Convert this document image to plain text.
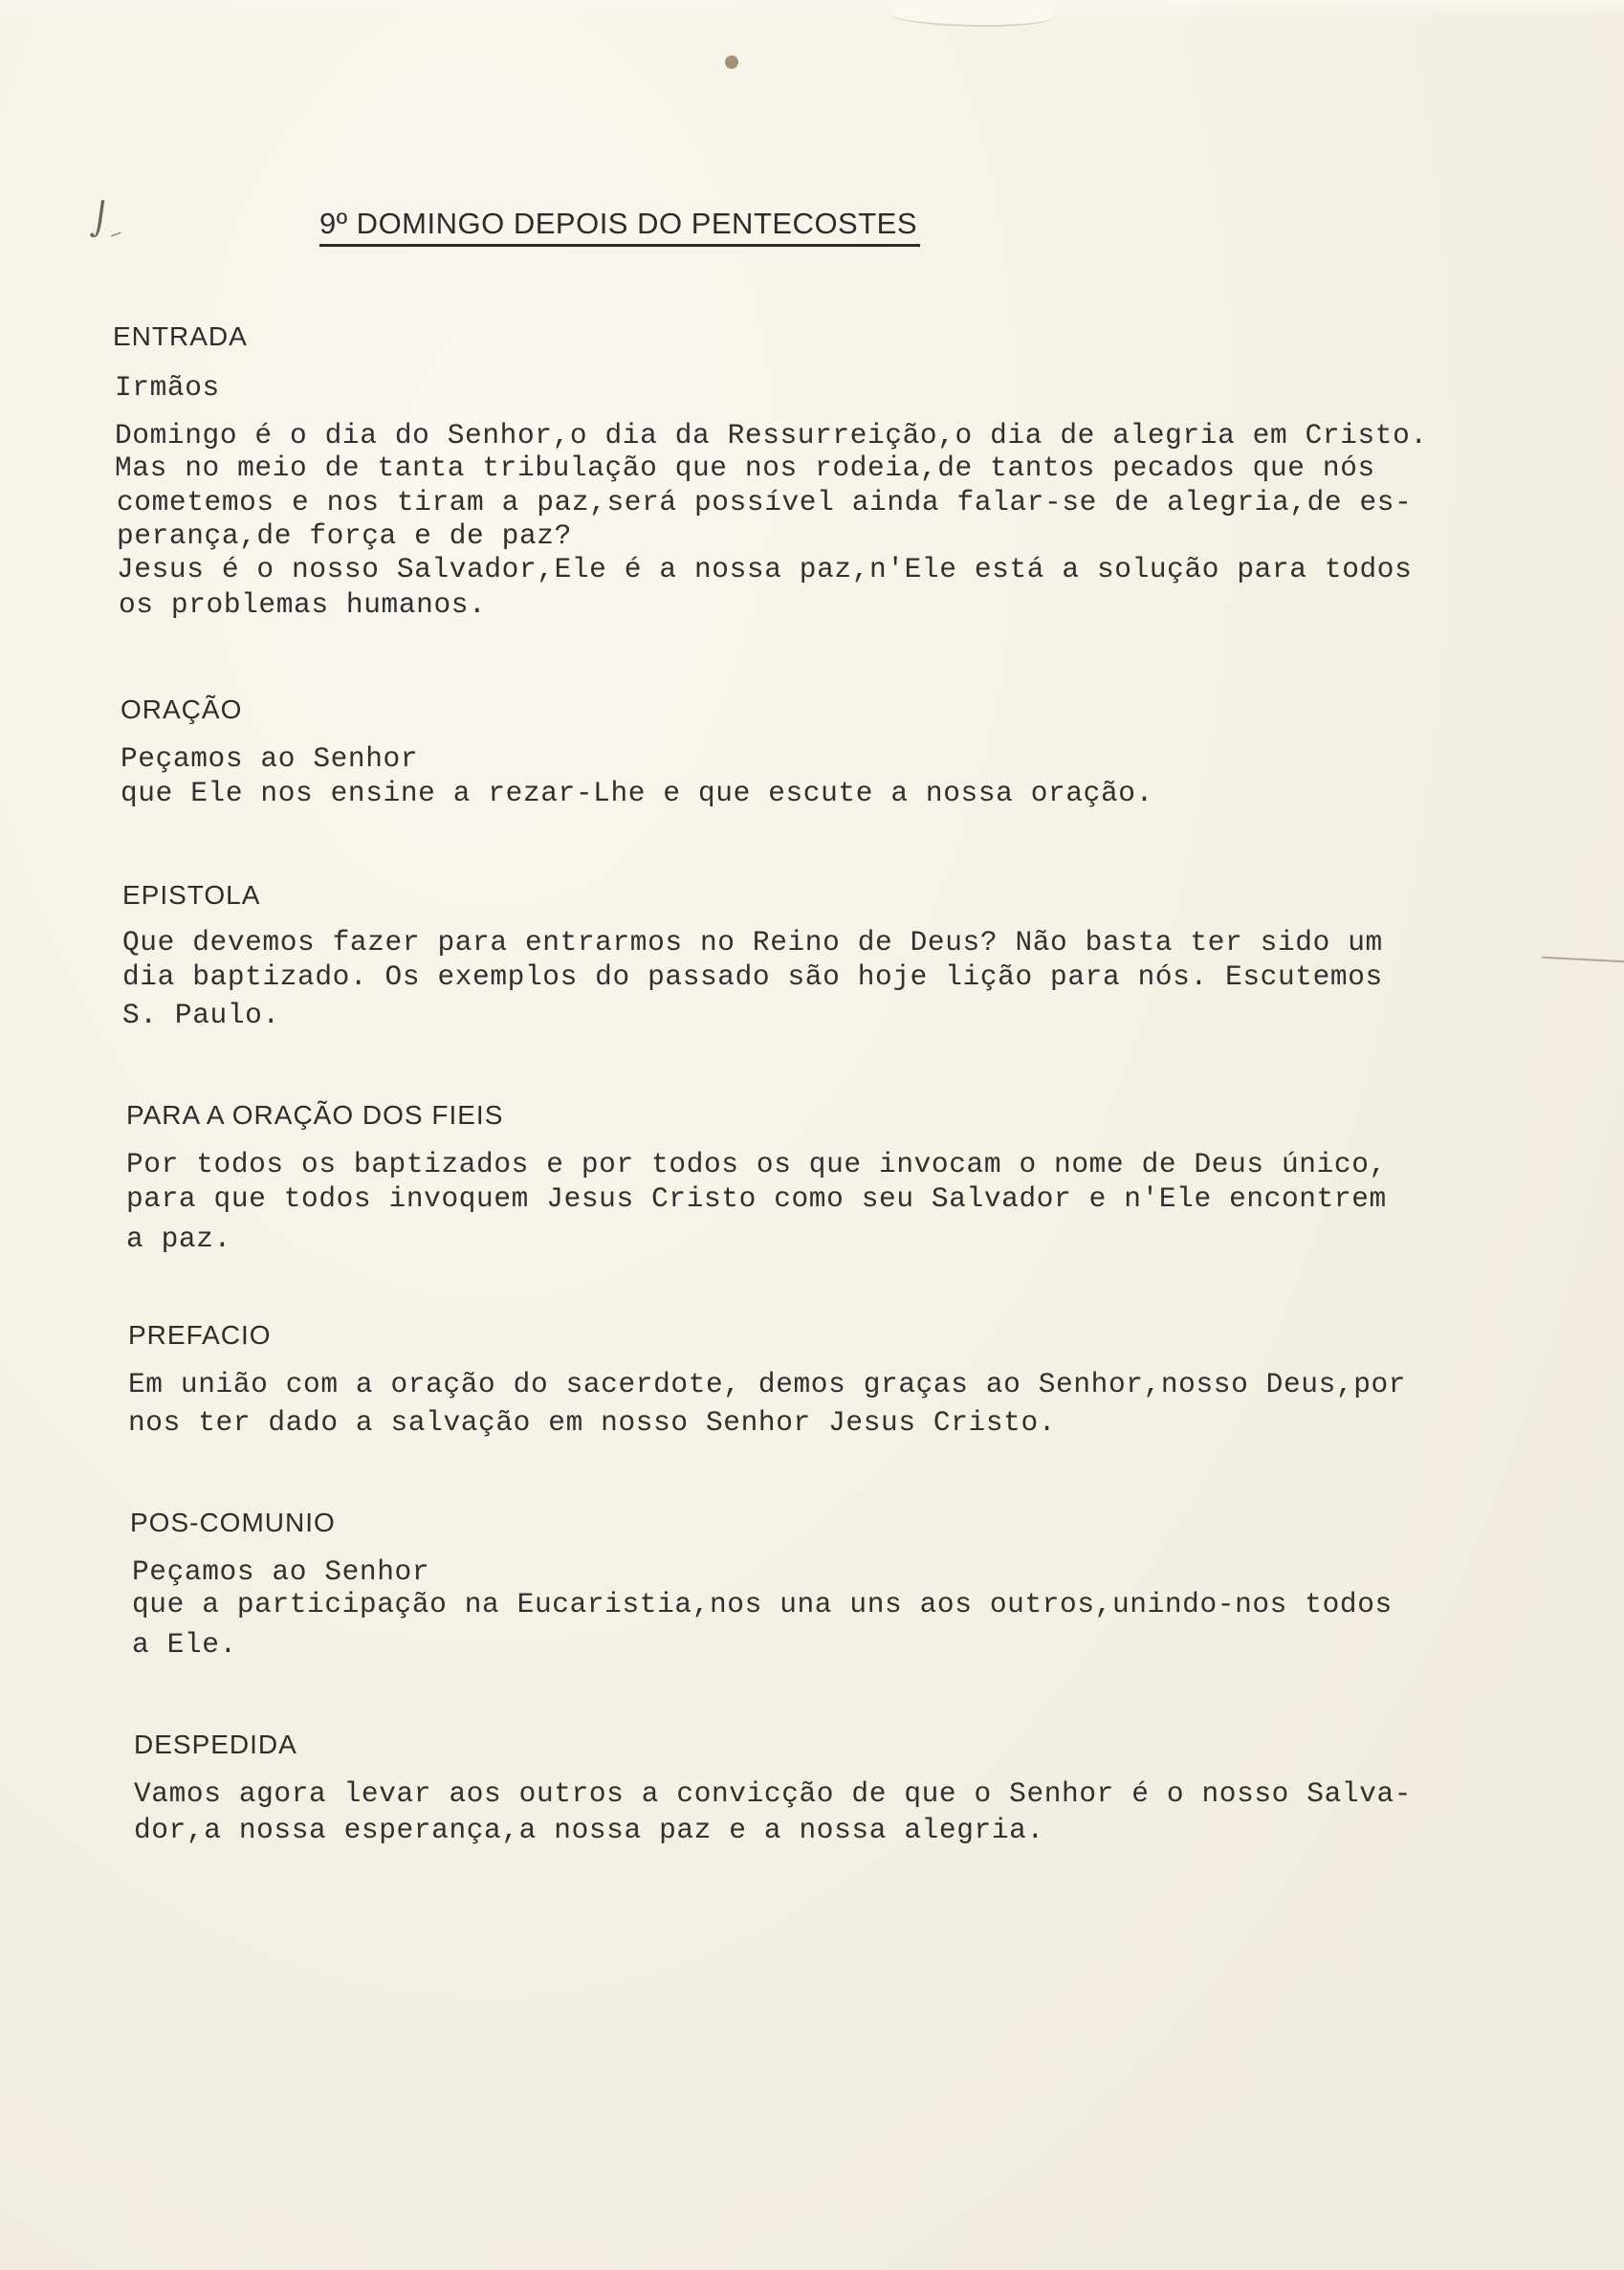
⌡
⸝	9º DOMINGO DEPOIS DO PENTECOSTES
ENTRADA
Irmãos
Domingo é o dia do Senhor,o dia da Ressurreição,o dia de alegria em Cristo.
Mas no meio de tanta tribulação que nos rodeia,de tantos pecados que nós
cometemos e nos tiram a paz,será possível ainda falar-se de alegria,de es-
perança,de força e de paz?
Jesus é o nosso Salvador,Ele é a nossa paz,n'Ele está a solução para todos
os problemas humanos.
ORAÇÃO
Peçamos ao Senhor
que Ele nos ensine a rezar-Lhe e que escute a nossa oração.
EPISTOLA
Que devemos fazer para entrarmos no Reino de Deus? Não basta ter sido um
dia baptizado. Os exemplos do passado são hoje lição para nós. Escutemos
S. Paulo.
PARA A ORAÇÃO DOS FIEIS
Por todos os baptizados e por todos os que invocam o nome de Deus único,
para que todos invoquem Jesus Cristo como seu Salvador e n'Ele encontrem
a paz.
PREFACIO
Em união com a oração do sacerdote, demos graças ao Senhor,nosso Deus,por
nos ter dado a salvação em nosso Senhor Jesus Cristo.
POS-COMUNIO
Peçamos ao Senhor
que a participação na Eucaristia,nos una uns aos outros,unindo-nos todos
a Ele.
DESPEDIDA
Vamos agora levar aos outros a convicção de que o Senhor é o nosso Salva-
dor,a nossa esperança,a nossa paz e a nossa alegria.
